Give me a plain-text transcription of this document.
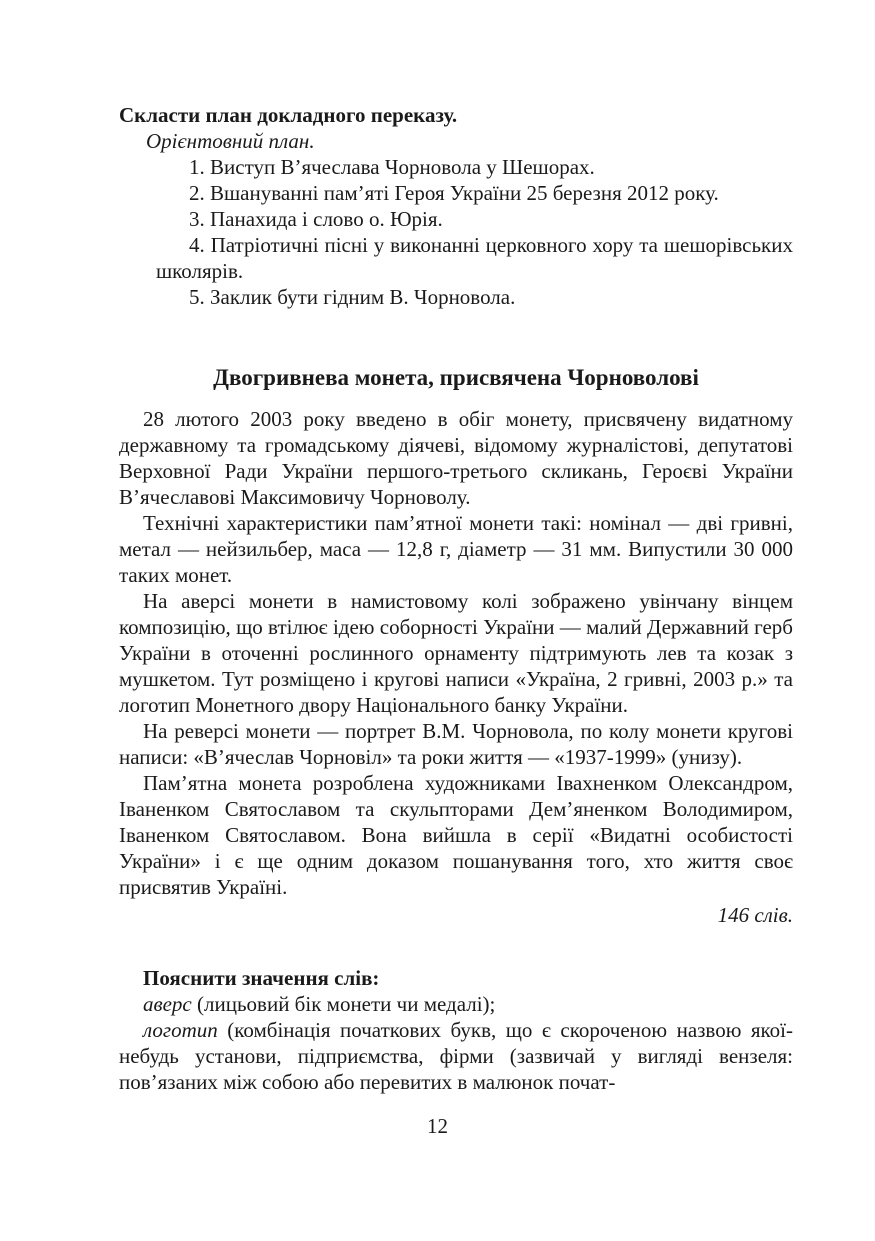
Скласти план докладного переказу.

Орієнтовний план.

1. Виступ В’ячеслава Чорновола у Шешорах.
2. Вшануванні пам’яті Героя України 25 березня 2012 року.
3. Панахида і слово о. Юрія.
4. Патріотичні пісні у виконанні церковного хору та шешорівських школярів.
5. Заклик бути гідним В. Чорновола.
Двогривнева монета, присвячена Чорноволові

28 лютого 2003 року введено в обіг монету, присвячену видатному державному та громадському діячеві, відомому журналістові, депутатові Верховної Ради України першого-третього скликань, Героєві України В’ячеславові Максимовичу Чорноволу.

Технічні характеристики пам’ятної монети такі: номінал — дві гривні, метал — нейзильбер, маса — 12,8 г, діаметр — 31 мм. Випустили 30 000 таких монет.

На аверсі монети в намистовому колі зображено увінчану вінцем композицію, що втілює ідею соборності України — малий Державний герб України в оточенні рослинного орнаменту підтримують лев та козак з мушкетом. Тут розміщено і кругові написи «Україна, 2 гривні, 2003 р.» та логотип Монетного двору Національного банку України.

На реверсі монети — портрет В.М. Чорновола, по колу монети кругові написи: «В’ячеслав Чорновіл» та роки життя — «1937-1999» (унизу).

Пам’ятна монета розроблена художниками Івахненком Олександром, Іваненком Святославом та скульпторами Дем’яненком Володимиром, Іваненком Святославом. Вона вийшла в серії «Видатні особистості України» і є ще одним доказом пошанування того, хто життя своє присвятив Україні.

146 слів.

Пояснити значення слів:

аверс (лицьовий бік монети чи медалі);

логотип (комбінація початкових букв, що є скороченою назвою якої-небудь установи, підприємства, фірми (зазвичай у вигляді вензеля: пов’язаних між собою або перевитих в малюнок почат-

12
